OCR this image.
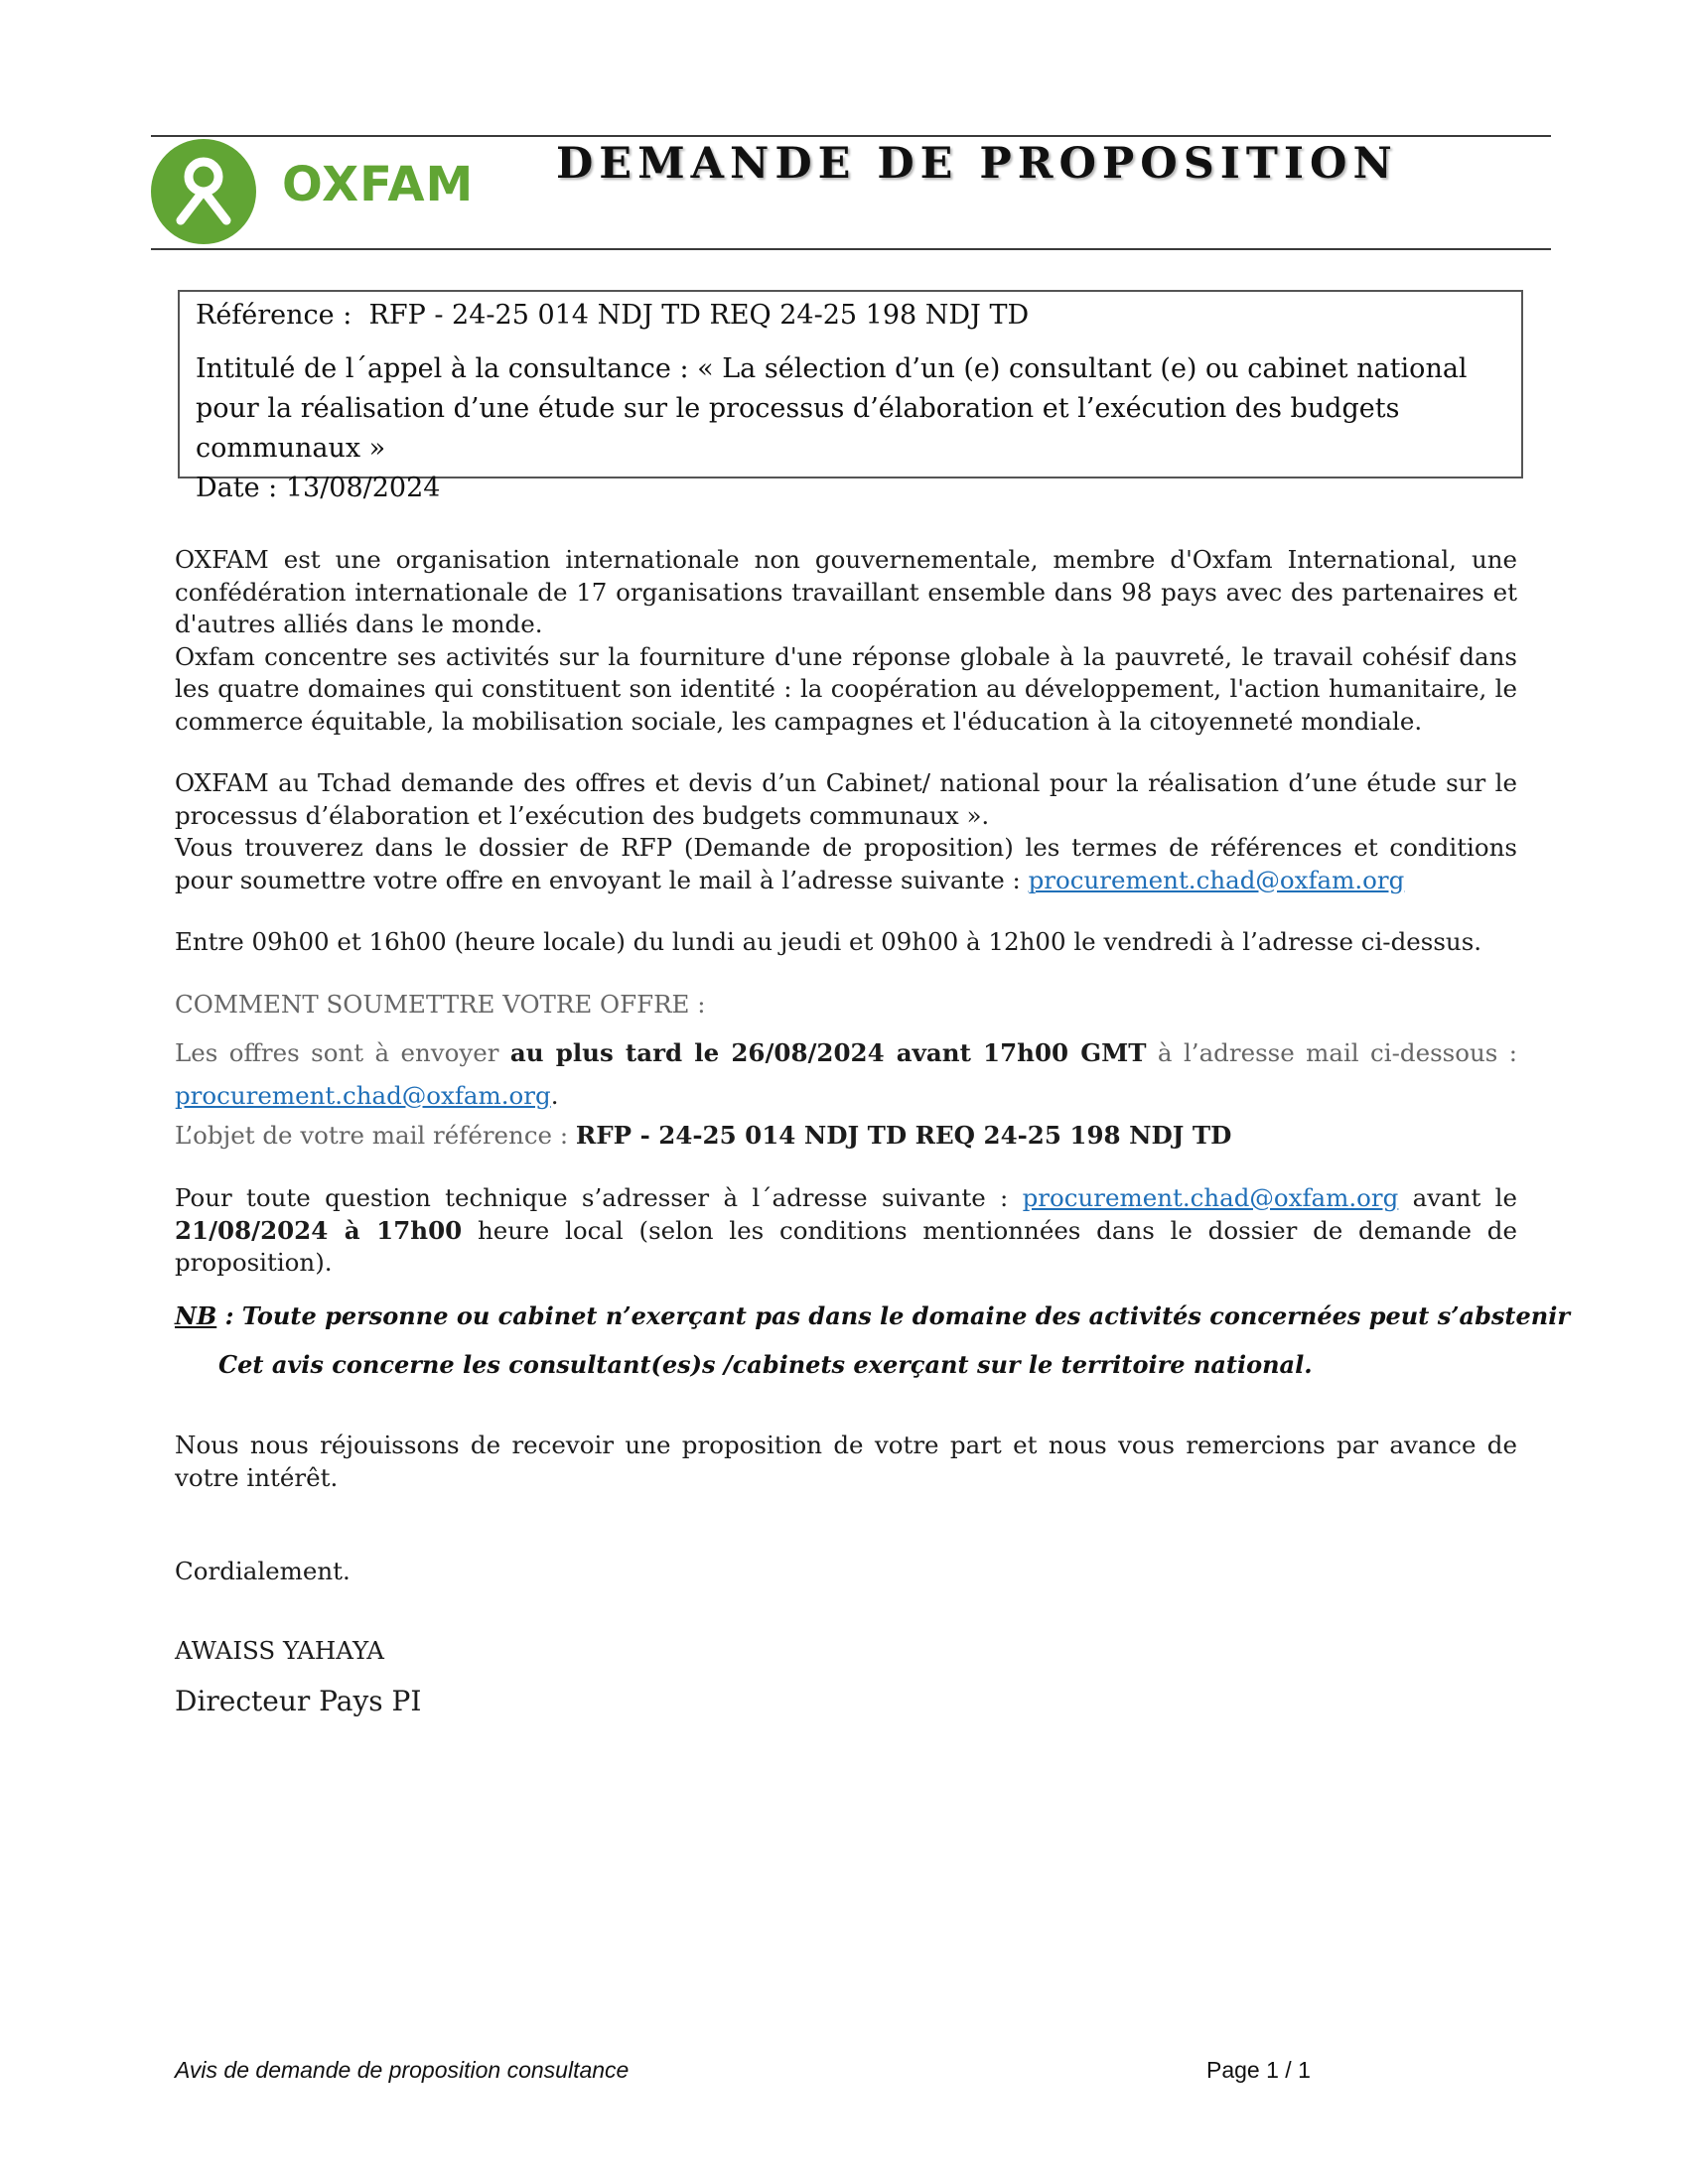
OXFAM DEMANDE DE PROPOSITION
Référence : RFP - 24-25 014 NDJ TD REQ 24-25 198 NDJ TD
Intitulé de l´appel à la consultance : « La sélection d’un (e) consultant (e) ou cabinet national pour la réalisation d’une étude sur le processus d’élaboration et l’exécution des budgets communaux »
Date : 13/08/2024

OXFAM est une organisation internationale non gouvernementale, membre d'Oxfam International, une confédération internationale de 17 organisations travaillant ensemble dans 98 pays avec des partenaires et d'autres alliés dans le monde.

Oxfam concentre ses activités sur la fourniture d'une réponse globale à la pauvreté, le travail cohésif dans les quatre domaines qui constituent son identité : la coopération au développement, l'action humanitaire, le commerce équitable, la mobilisation sociale, les campagnes et l'éducation à la citoyenneté mondiale.

OXFAM au Tchad demande des offres et devis d’un Cabinet/ national pour la réalisation d’une étude sur le processus d’élaboration et l’exécution des budgets communaux ».

Vous trouverez dans le dossier de RFP (Demande de proposition) les termes de références et conditions pour soumettre votre offre en envoyant le mail à l’adresse suivante : procurement.chad@oxfam.org

Entre 09h00 et 16h00 (heure locale) du lundi au jeudi et 09h00 à 12h00 le vendredi à l’adresse ci-dessus.

COMMENT SOUMETTRE VOTRE OFFRE :

Les offres sont à envoyer au plus tard le 26/08/2024 avant 17h00 GMT à l’adresse mail ci-dessous : procurement.chad@oxfam.org.

L’objet de votre mail référence : RFP - 24-25 014 NDJ TD REQ 24-25 198 NDJ TD

Pour toute question technique s’adresser à l´adresse suivante : procurement.chad@oxfam.org avant le 21/08/2024 à 17h00 heure local (selon les conditions mentionnées dans le dossier de demande de proposition).

NB : Toute personne ou cabinet n’exerçant pas dans le domaine des activités concernées peut s’abstenir
Cet avis concerne les consultant(es)s /cabinets exerçant sur le territoire national.

Nous nous réjouissons de recevoir une proposition de votre part et nous vous remercions par avance de votre intérêt.

Cordialement.
AWAISS YAHAYA
Directeur Pays PI
Avis de demande de proposition consultance	Page 1 / 1
